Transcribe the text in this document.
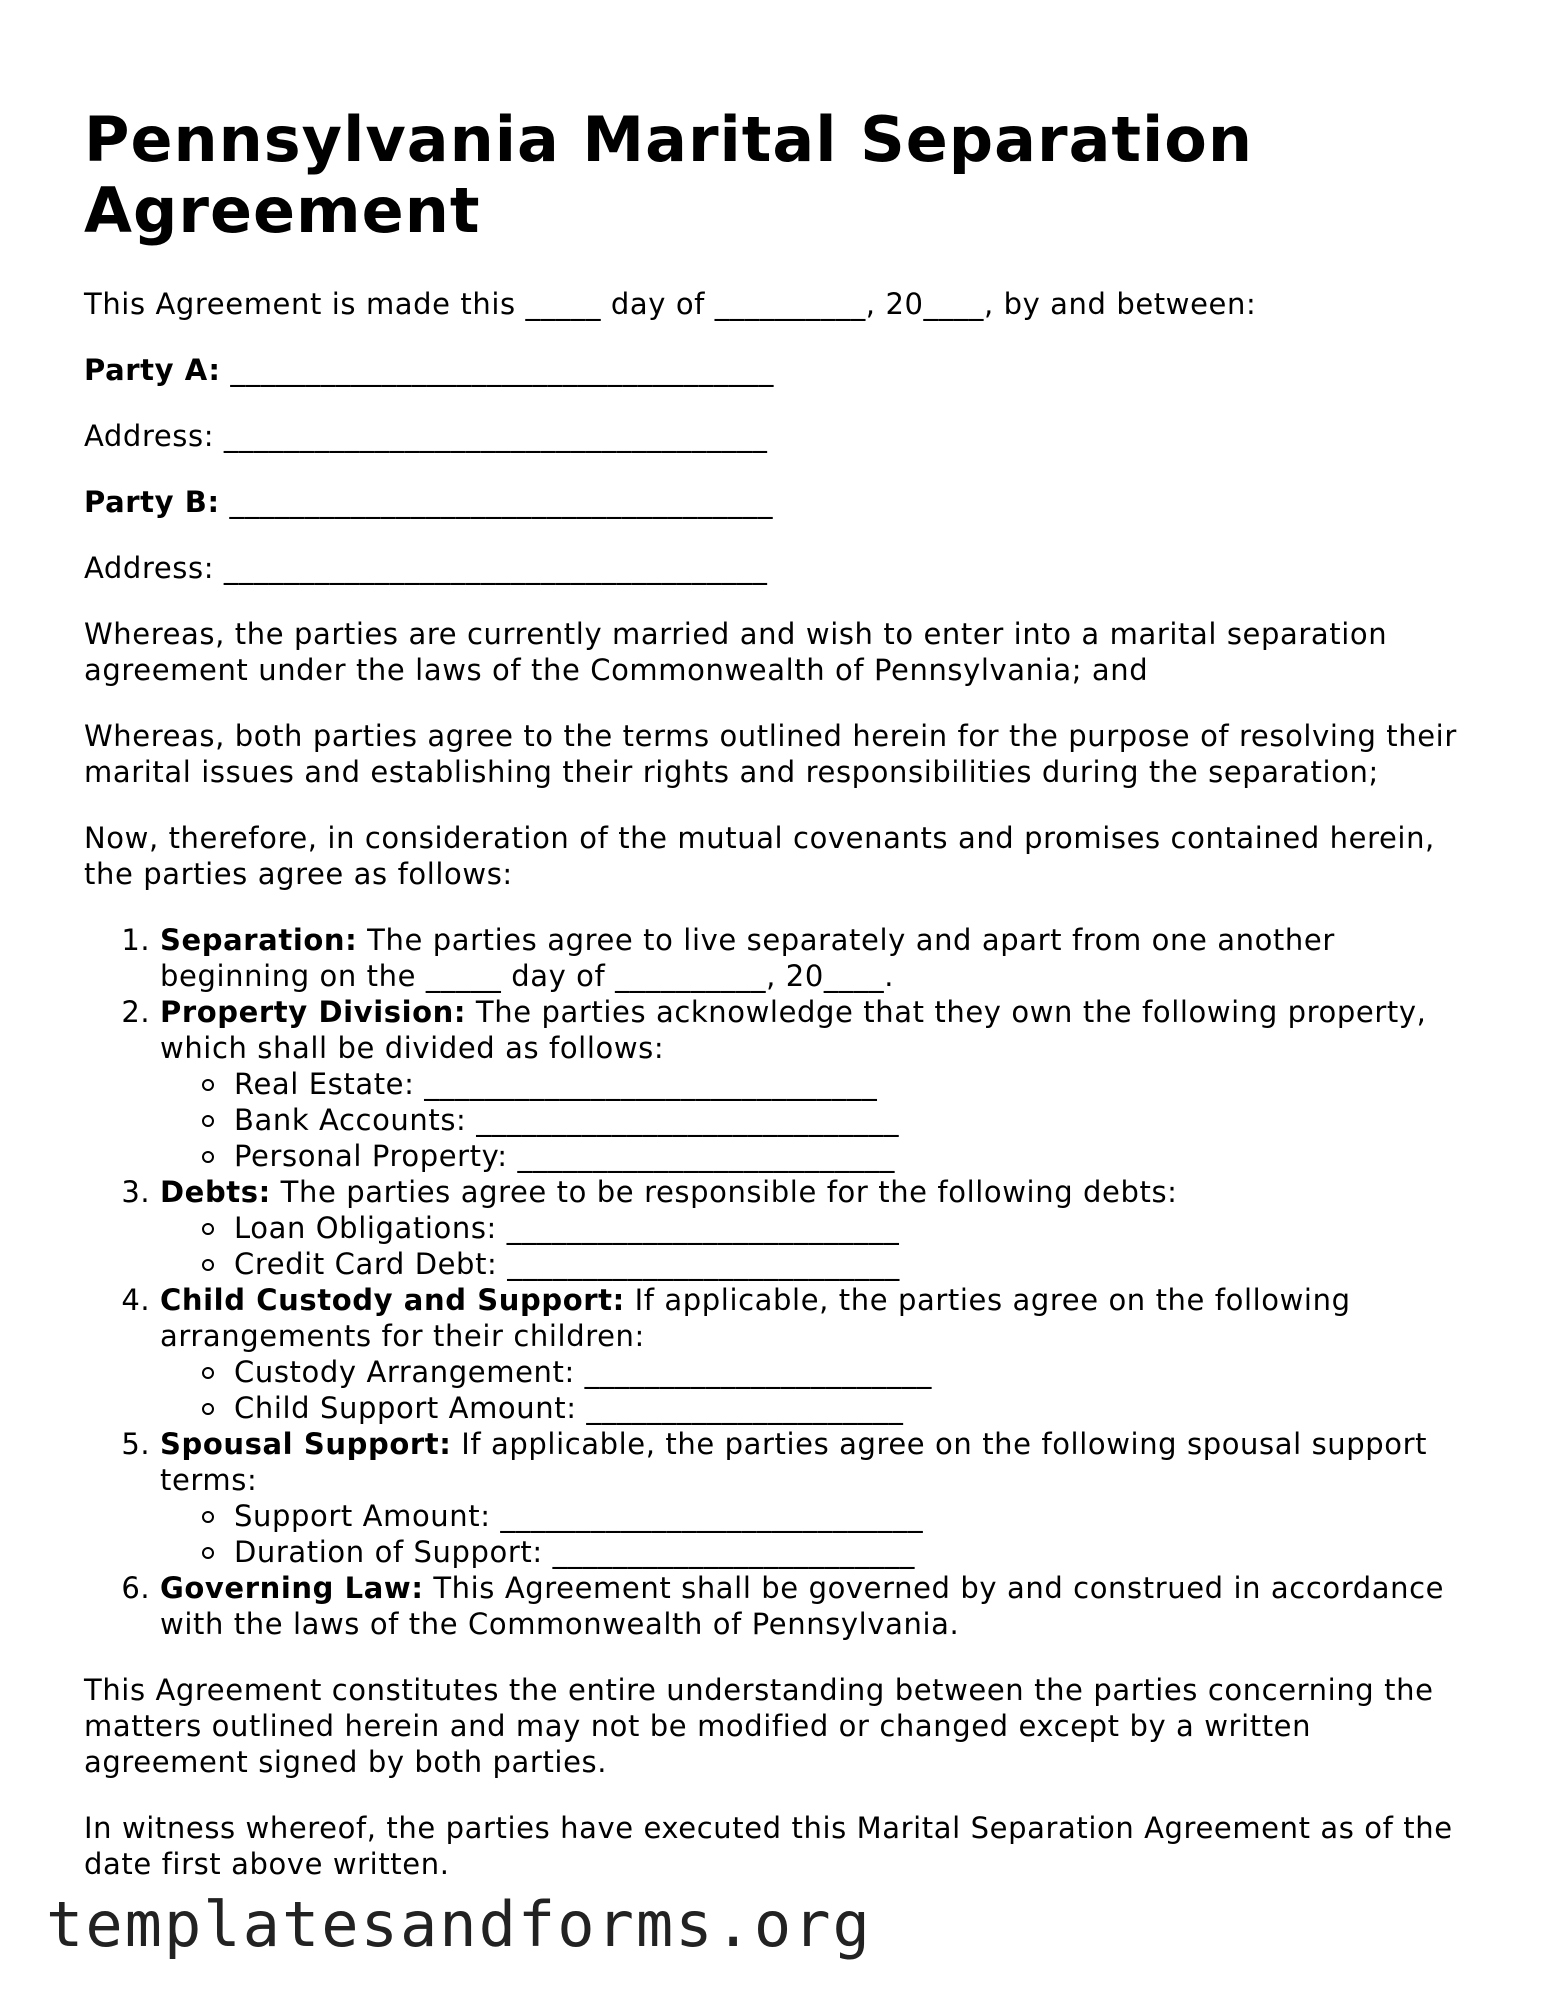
Pennsylvania Marital Separation Agreement

This Agreement is made this _____ day of __________, 20____, by and between:

Party A: ____________________________________

Address: ____________________________________

Party B: ____________________________________

Address: ____________________________________

Whereas, the parties are currently married and wish to enter into a marital separation agreement under the laws of the Commonwealth of Pennsylvania; and

Whereas, both parties agree to the terms outlined herein for the purpose of resolving their marital issues and establishing their rights and responsibilities during the separation;

Now, therefore, in consideration of the mutual covenants and promises contained herein, the parties agree as follows:

1. Separation: The parties agree to live separately and apart from one another beginning on the _____ day of __________, 20____.
2. Property Division: The parties acknowledge that they own the following property, which shall be divided as follows:
Real Estate: ______________________________
Bank Accounts: ____________________________
Personal Property: _________________________
3. Debts: The parties agree to be responsible for the following debts:
Loan Obligations: __________________________
Credit Card Debt: __________________________
4. Child Custody and Support: If applicable, the parties agree on the following arrangements for their children:
Custody Arrangement: _______________________
Child Support Amount: _____________________
5. Spousal Support: If applicable, the parties agree on the following spousal support terms:
Support Amount: ____________________________
Duration of Support: ________________________
6. Governing Law: This Agreement shall be governed by and construed in accordance with the laws of the Commonwealth of Pennsylvania.

This Agreement constitutes the entire understanding between the parties concerning the matters outlined herein and may not be modified or changed except by a written agreement signed by both parties.

In witness whereof, the parties have executed this Marital Separation Agreement as of the date first above written.

templatesandforms.org
